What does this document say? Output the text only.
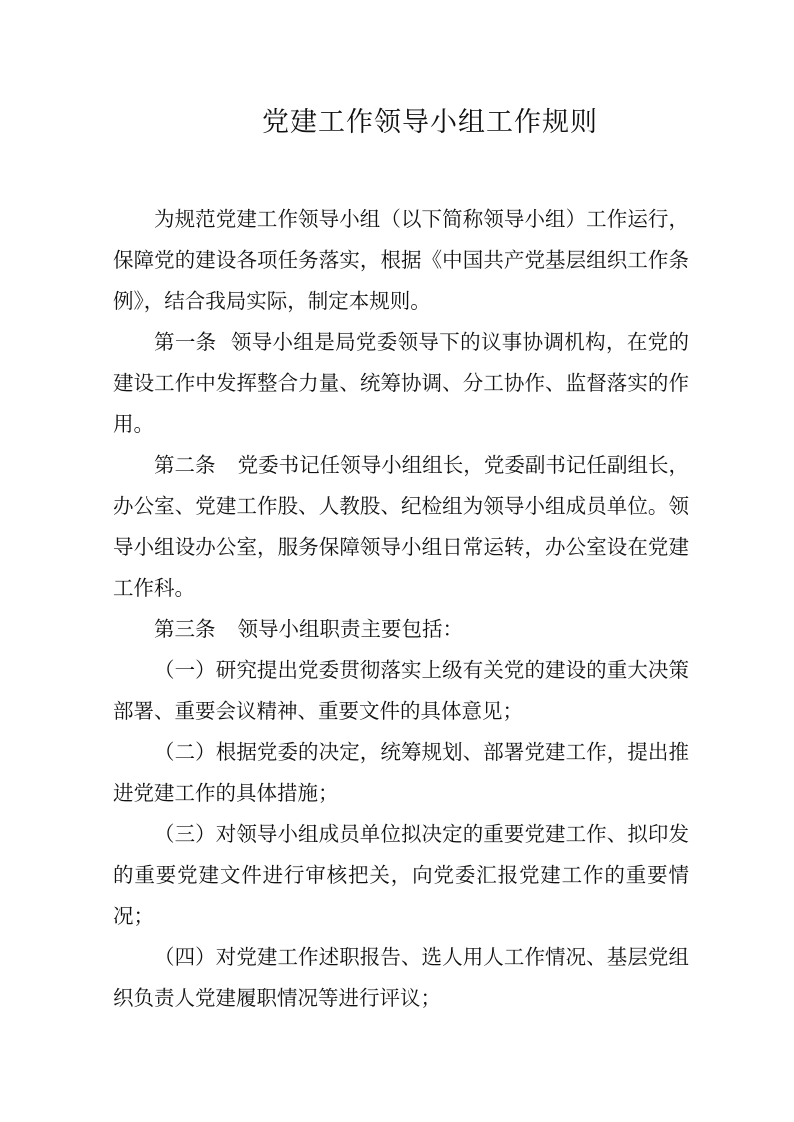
党建工作领导小组工作规则

为规范党建工作领导小组（以下简称领导小组）工作运行，保障党的建设各项任务落实，根据《中国共产党基层组织工作条例》，结合我局实际，制定本规则。

第一条 领导小组是局党委领导下的议事协调机构，在党的建设工作中发挥整合力量、统筹协调、分工协作、监督落实的作用。

第二条 党委书记任领导小组组长，党委副书记任副组长，办公室、党建工作股、人教股、纪检组为领导小组成员单位。领导小组设办公室，服务保障领导小组日常运转，办公室设在党建工作科。

第三条 领导小组职责主要包括：

（一）研究提出党委贯彻落实上级有关党的建设的重大决策部署、重要会议精神、重要文件的具体意见；

（二）根据党委的决定，统筹规划、部署党建工作，提出推进党建工作的具体措施；

（三）对领导小组成员单位拟决定的重要党建工作、拟印发的重要党建文件进行审核把关，向党委汇报党建工作的重要情况；

（四）对党建工作述职报告、选人用人工作情况、基层党组织负责人党建履职情况等进行评议；
